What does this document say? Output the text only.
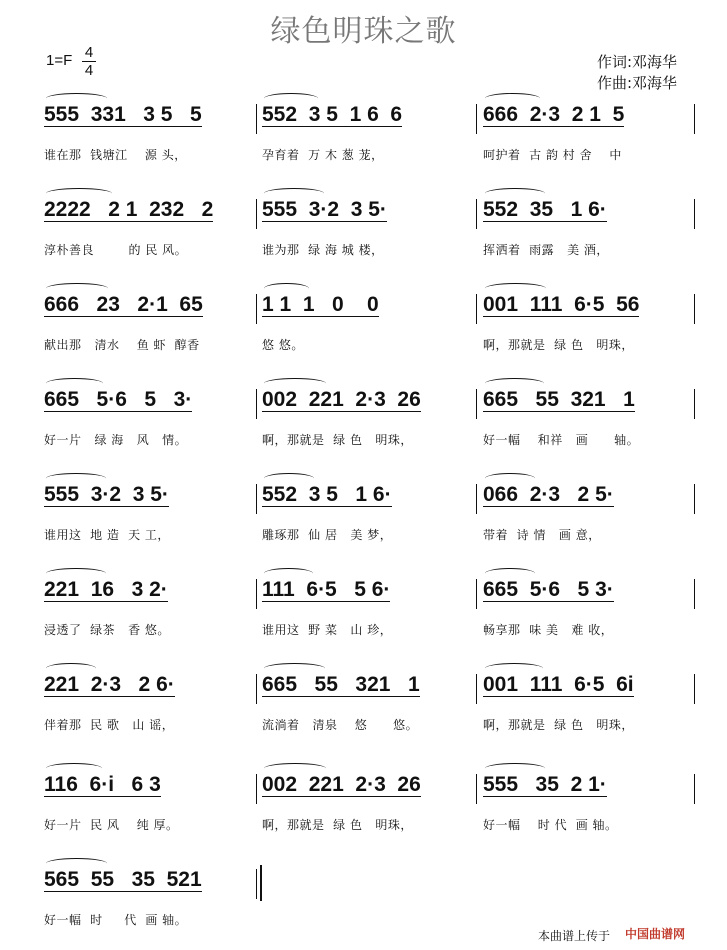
绿色明珠之歌
$1=F \frac{4}{4}$	作词:邓海华
作曲:邓海华
555  331   3 5   5
谁在那  钱塘江    源 头，
552  3 5  1 6  6
孕育着  万 木 葱 茏，
666  2·3  2 1  5
呵护着  古 韵 村 舍    中
2222   2 1  232   2
淳朴善良        的 民 风。
555  3·2  3 5·
谁为那  绿 海 城 楼，
552  35   1 6·
挥洒着  雨露   美 酒，
666   23   2·1  65
献出那   清水    鱼 虾  醇香
1 1  1   0    0
悠 悠。
001  111  6·5  56
啊，那就是  绿 色   明珠，
665   5·6   5   3·
好一片   绿 海   风   情。
002  221  2·3  26
啊，那就是  绿 色   明珠，
665   55  321   1
好一幅    和祥   画      轴。
555  3·2  3 5·
谁用这  地 造  天 工，
552  3 5   1 6·
雕琢那  仙 居   美 梦，
066  2·3   2 5·
带着  诗 情   画 意，
221  16   3 2·
浸透了  绿茶   香 悠。
111  6·5   5 6·
谁用这  野 菜   山 珍，
665  5·6   5 3·
畅享那  味 美   难 收，
221  2·3   2 6·
伴着那  民 歌   山 谣，
665   55   321   1
流淌着   清泉    悠      悠。
001  111  6·5  6i
啊，那就是  绿 色   明珠，
116  6·i   6 3
好一片  民 风    纯 厚。
002  221  2·3  26
啊，那就是  绿 色   明珠，
555   35  2 1·
好一幅    时 代  画 轴。
565  55   35  521
好一幅  时     代  画 轴。
本曲谱上传于 中国曲谱网
